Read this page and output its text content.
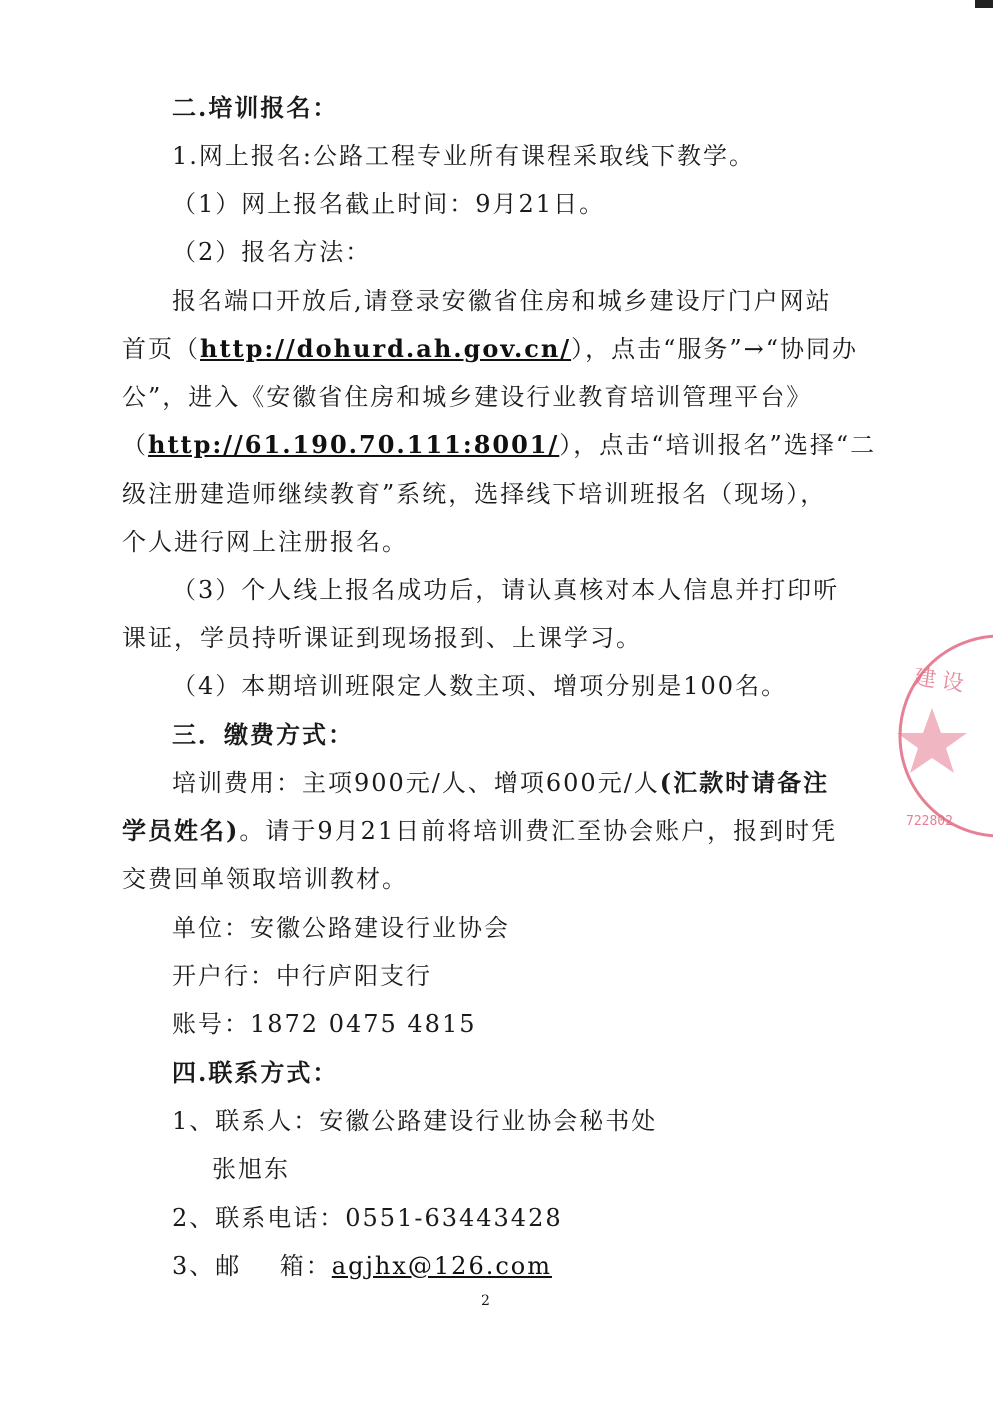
二.培训报名：
1.网上报名:公路工程专业所有课程采取线下教学。
（1）网上报名截止时间：9月21日。
（2）报名方法：
报名端口开放后,请登录安徽省住房和城乡建设厅门户网站
首页（http://dohurd.ah.gov.cn/），点击“服务”→“协同办
公”，进入《安徽省住房和城乡建设行业教育培训管理平台》
（http://61.190.70.111:8001/），点击“培训报名”选择“二
级注册建造师继续教育”系统，选择线下培训班报名（现场），
个人进行网上注册报名。
（3）个人线上报名成功后，请认真核对本人信息并打印听
课证，学员持听课证到现场报到、上课学习。
（4）本期培训班限定人数主项、增项分别是100名。
三．缴费方式：
培训费用：主项900元/人、增项600元/人(汇款时请备注
学员姓名)。请于9月21日前将培训费汇至协会账户，报到时凭
交费回单领取培训教材。
单位：安徽公路建设行业协会
开户行：中行庐阳支行
账号：1872 0475 4815
四.联系方式：
1、联系人：安徽公路建设行业协会秘书处
张旭东
2、联系电话：0551-63443428
3、邮    箱：agjhx@126.com
2
建设
722802
